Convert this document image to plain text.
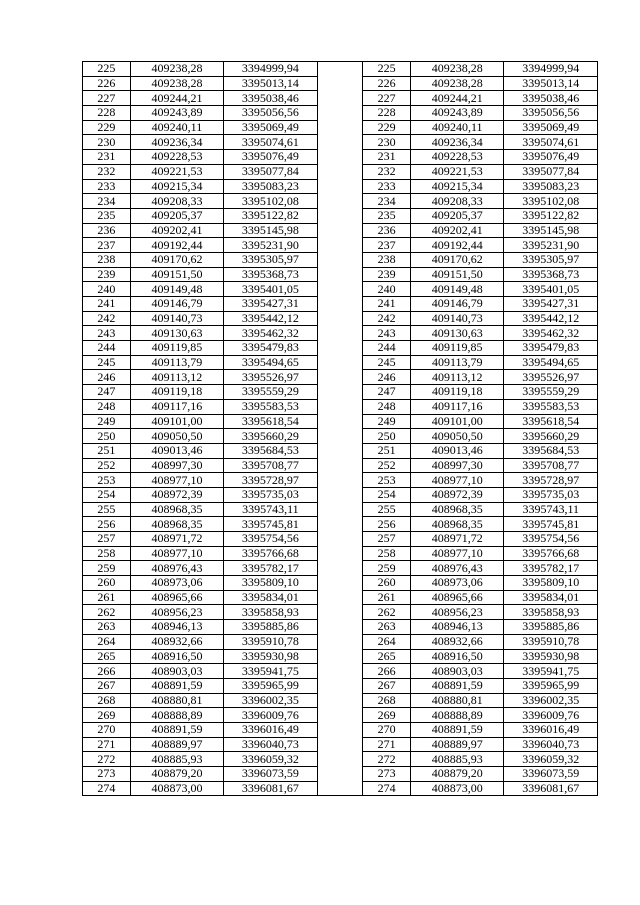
225	409238,28	3394999,94		225	409238,28	3394999,94
226	409238,28	3395013,14		226	409238,28	3395013,14
227	409244,21	3395038,46		227	409244,21	3395038,46
228	409243,89	3395056,56		228	409243,89	3395056,56
229	409240,11	3395069,49		229	409240,11	3395069,49
230	409236,34	3395074,61		230	409236,34	3395074,61
231	409228,53	3395076,49		231	409228,53	3395076,49
232	409221,53	3395077,84		232	409221,53	3395077,84
233	409215,34	3395083,23		233	409215,34	3395083,23
234	409208,33	3395102,08		234	409208,33	3395102,08
235	409205,37	3395122,82		235	409205,37	3395122,82
236	409202,41	3395145,98		236	409202,41	3395145,98
237	409192,44	3395231,90		237	409192,44	3395231,90
238	409170,62	3395305,97		238	409170,62	3395305,97
239	409151,50	3395368,73		239	409151,50	3395368,73
240	409149,48	3395401,05		240	409149,48	3395401,05
241	409146,79	3395427,31		241	409146,79	3395427,31
242	409140,73	3395442,12		242	409140,73	3395442,12
243	409130,63	3395462,32		243	409130,63	3395462,32
244	409119,85	3395479,83		244	409119,85	3395479,83
245	409113,79	3395494,65		245	409113,79	3395494,65
246	409113,12	3395526,97		246	409113,12	3395526,97
247	409119,18	3395559,29		247	409119,18	3395559,29
248	409117,16	3395583,53		248	409117,16	3395583,53
249	409101,00	3395618,54		249	409101,00	3395618,54
250	409050,50	3395660,29		250	409050,50	3395660,29
251	409013,46	3395684,53		251	409013,46	3395684,53
252	408997,30	3395708,77		252	408997,30	3395708,77
253	408977,10	3395728,97		253	408977,10	3395728,97
254	408972,39	3395735,03		254	408972,39	3395735,03
255	408968,35	3395743,11		255	408968,35	3395743,11
256	408968,35	3395745,81		256	408968,35	3395745,81
257	408971,72	3395754,56		257	408971,72	3395754,56
258	408977,10	3395766,68		258	408977,10	3395766,68
259	408976,43	3395782,17		259	408976,43	3395782,17
260	408973,06	3395809,10		260	408973,06	3395809,10
261	408965,66	3395834,01		261	408965,66	3395834,01
262	408956,23	3395858,93		262	408956,23	3395858,93
263	408946,13	3395885,86		263	408946,13	3395885,86
264	408932,66	3395910,78		264	408932,66	3395910,78
265	408916,50	3395930,98		265	408916,50	3395930,98
266	408903,03	3395941,75		266	408903,03	3395941,75
267	408891,59	3395965,99		267	408891,59	3395965,99
268	408880,81	3396002,35		268	408880,81	3396002,35
269	408888,89	3396009,76		269	408888,89	3396009,76
270	408891,59	3396016,49		270	408891,59	3396016,49
271	408889,97	3396040,73		271	408889,97	3396040,73
272	408885,93	3396059,32		272	408885,93	3396059,32
273	408879,20	3396073,59		273	408879,20	3396073,59
274	408873,00	3396081,67		274	408873,00	3396081,67
